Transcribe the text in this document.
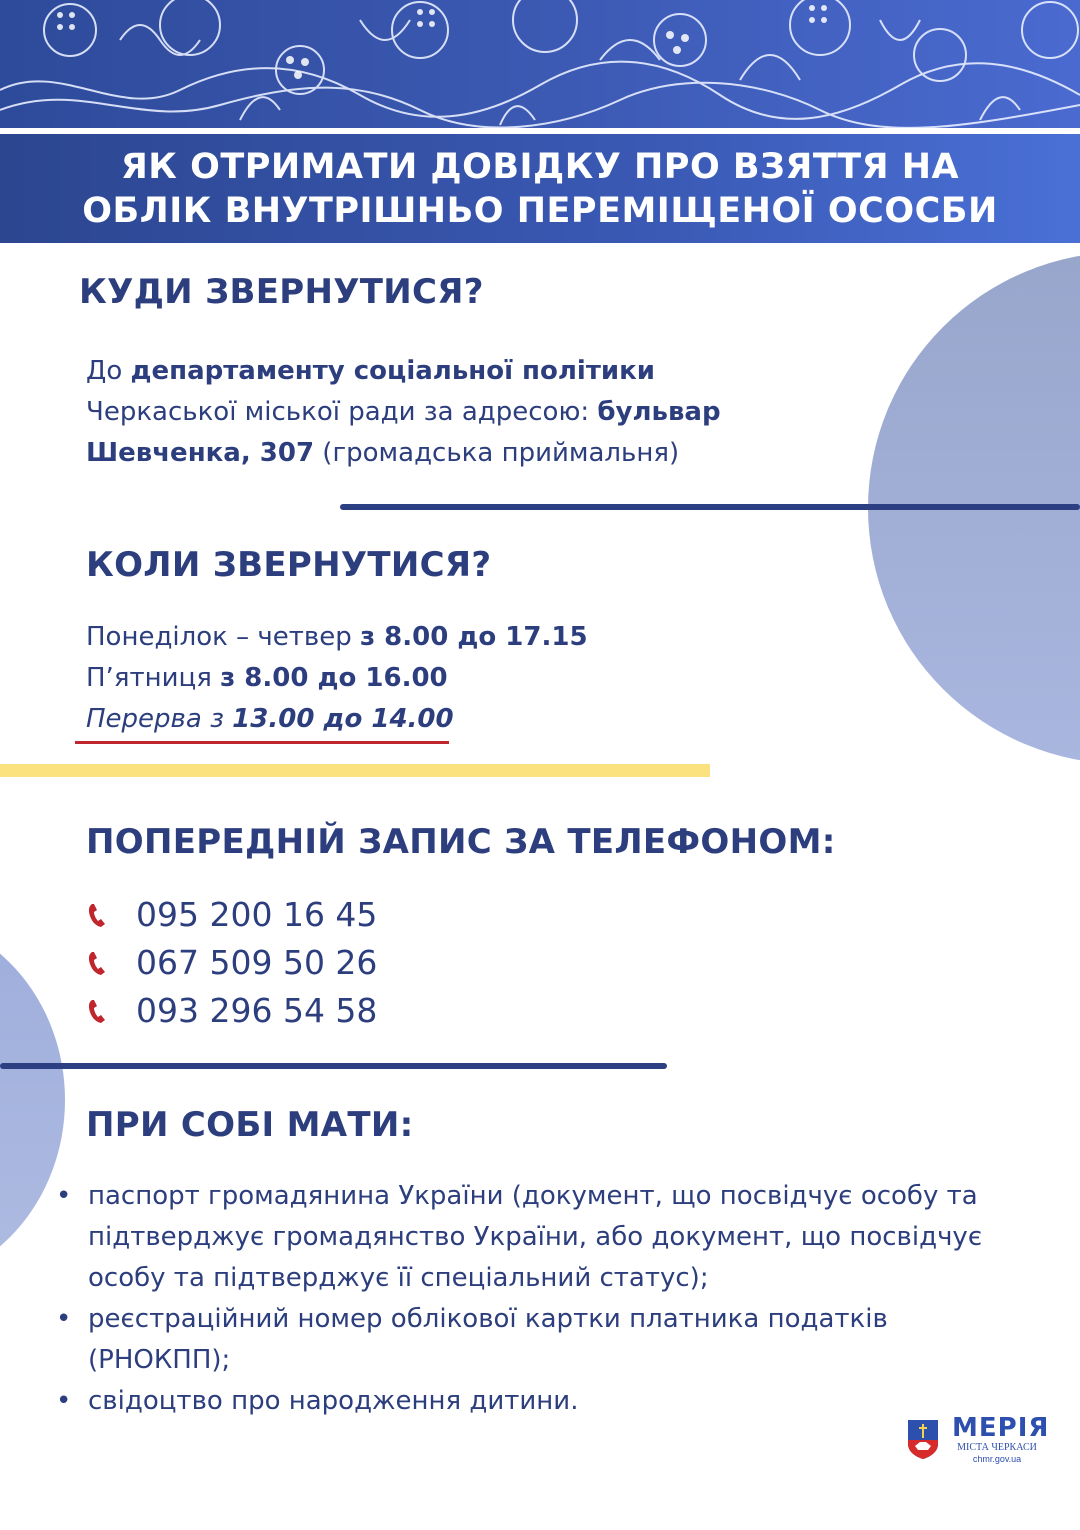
ЯК ОТРИМАТИ ДОВІДКУ ПРО ВЗЯТТЯ НА
ОБЛІК ВНУТРІШНЬО ПЕРЕМІЩЕНОЇ ОСОСБИ
КУДИ ЗВЕРНУТИСЯ?

До департаменту соціальної політики
Черкаської міської ради за адресою: бульвар
Шевченка, 307 (громадська приймальня)

КОЛИ ЗВЕРНУТИСЯ?

Понеділок – четвер з 8.00 до 17.15
П’ятниця з 8.00 до 16.00
Перерва з 13.00 до 14.00

ПОПЕРЕДНІЙ ЗАПИС ЗА ТЕЛЕФОНОМ:
095 200 16 45
067 509 50 26
093 296 54 58
ПРИ СОБІ МАТИ:
• паспорт громадянина України (документ, що посвідчує особу та підтверджує громадянство України, або документ, що посвідчує особу та підтверджує її спеціальний статус);
• реєстраційний номер облікової картки платника податків (РНОКПП);
• свідоцтво про народження дитини.
МЕРІЯ
МІСТА ЧЕРКАСИ
chmr.gov.ua
